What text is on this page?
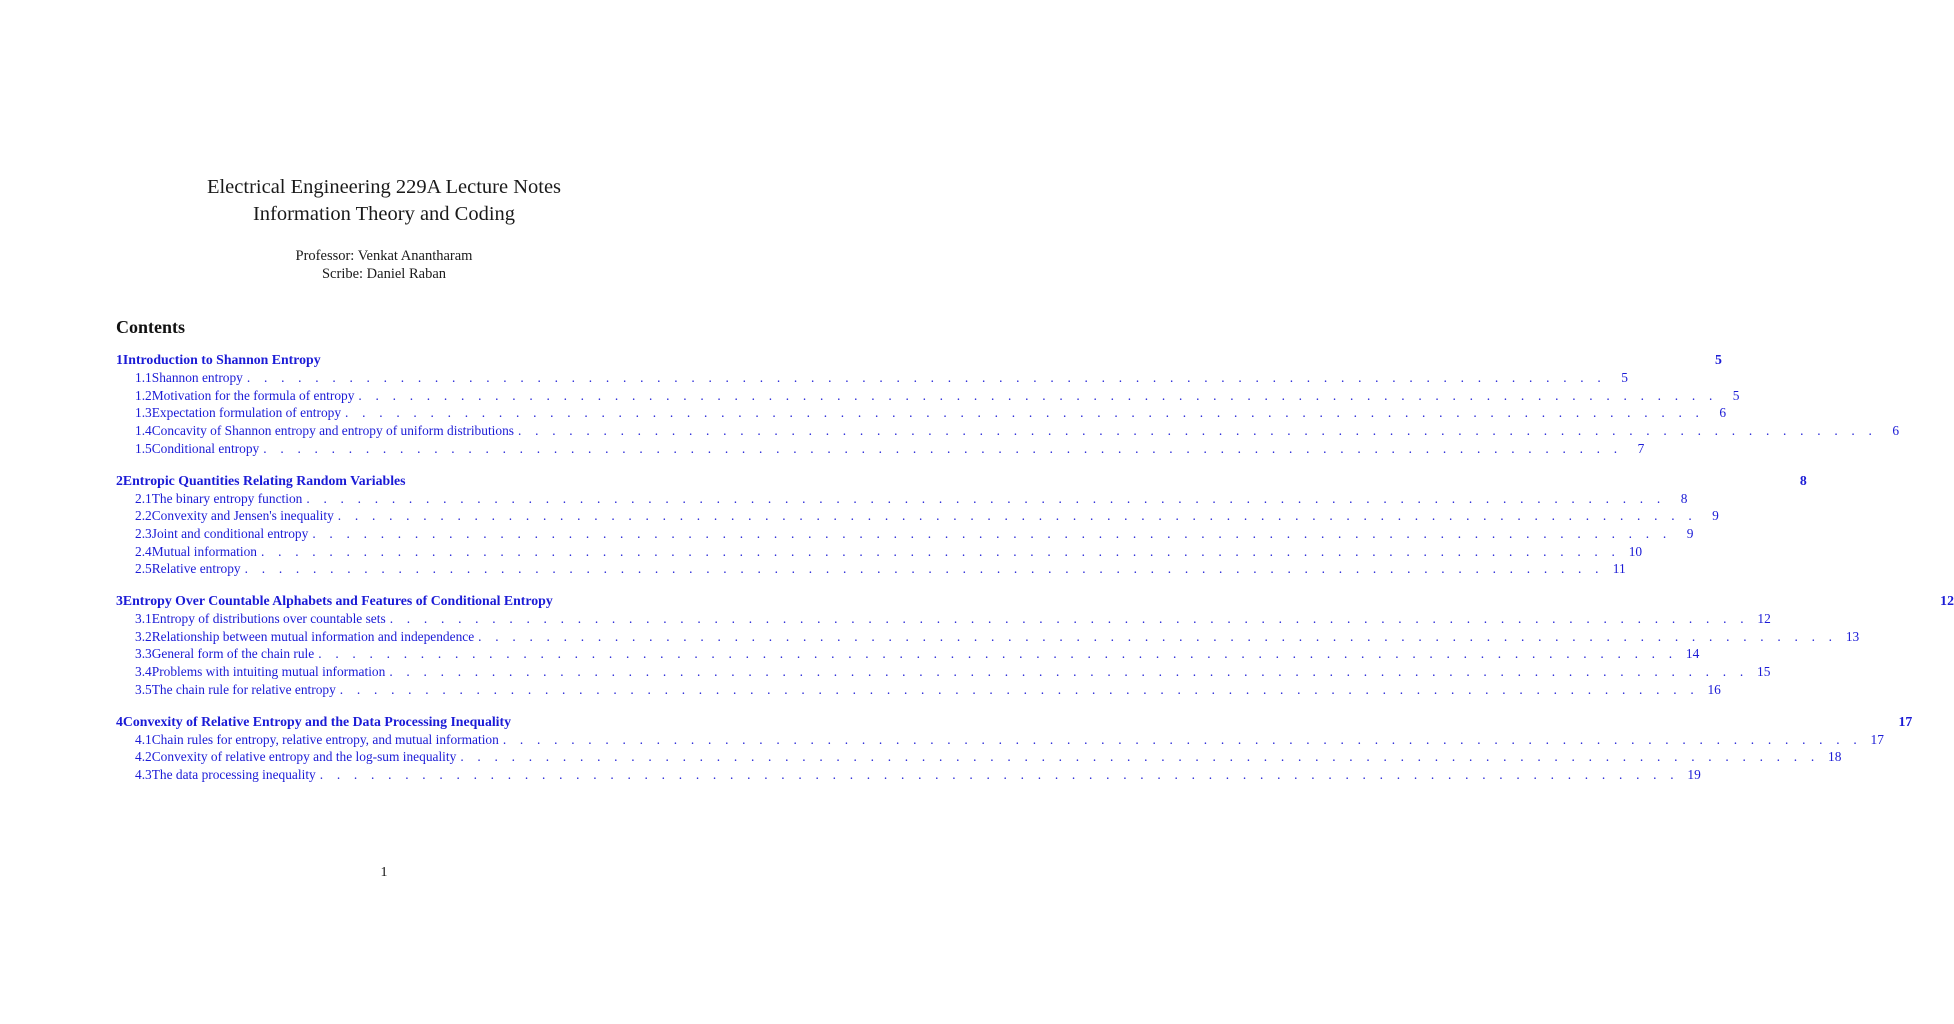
Electrical Engineering 229A Lecture Notes
Information Theory and Coding
Professor: Venkat Anantharam
Scribe: Daniel Raban
Contents
1 Introduction to Shannon Entropy	5
1.1 Shannon entropy . . . . . . . . . . . . . . . . . . . . . . . . . . . . . . . . . . . . . . . . . . . . . . . . . . . . . . . . . . . . . . . . . . . . . . . . . . . . . . . .	5
1.2 Motivation for the formula of entropy . . . . . . . . . . . . . . . . . . . . . . . . . . . . . . . . . . . . . . . . . . . . . . . . . . . . . . . . . . . . . . . . . . . . . . . . . . . . . . . .	5
1.3 Expectation formulation of entropy . . . . . . . . . . . . . . . . . . . . . . . . . . . . . . . . . . . . . . . . . . . . . . . . . . . . . . . . . . . . . . . . . . . . . . . . . . . . . . . .	6
1.4 Concavity of Shannon entropy and entropy of uniform distributions . . . . . . . . . . . . . . . . . . . . . . . . . . . . . . . . . . . . . . . . . . . . . . . . . . . . . . . . . . . . . . . . . . . . . . . . . . . . . . . .	6
1.5 Conditional entropy . . . . . . . . . . . . . . . . . . . . . . . . . . . . . . . . . . . . . . . . . . . . . . . . . . . . . . . . . . . . . . . . . . . . . . . . . . . . . . . .	7
2 Entropic Quantities Relating Random Variables	8
2.1 The binary entropy function . . . . . . . . . . . . . . . . . . . . . . . . . . . . . . . . . . . . . . . . . . . . . . . . . . . . . . . . . . . . . . . . . . . . . . . . . . . . . . . .	8
2.2 Convexity and Jensen's inequality . . . . . . . . . . . . . . . . . . . . . . . . . . . . . . . . . . . . . . . . . . . . . . . . . . . . . . . . . . . . . . . . . . . . . . . . . . . . . . . .	9
2.3 Joint and conditional entropy . . . . . . . . . . . . . . . . . . . . . . . . . . . . . . . . . . . . . . . . . . . . . . . . . . . . . . . . . . . . . . . . . . . . . . . . . . . . . . . .	9
2.4 Mutual information . . . . . . . . . . . . . . . . . . . . . . . . . . . . . . . . . . . . . . . . . . . . . . . . . . . . . . . . . . . . . . . . . . . . . . . . . . . . . . . . 10
2.5 Relative entropy . . . . . . . . . . . . . . . . . . . . . . . . . . . . . . . . . . . . . . . . . . . . . . . . . . . . . . . . . . . . . . . . . . . . . . . . . . . . . . . . 11
3 Entropy Over Countable Alphabets and Features of Conditional Entropy	12
3.1 Entropy of distributions over countable sets . . . . . . . . . . . . . . . . . . . . . . . . . . . . . . . . . . . . . . . . . . . . . . . . . . . . . . . . . . . . . . . . . . . . . . . . . . . . . . . . 12
3.2 Relationship between mutual information and independence . . . . . . . . . . . . . . . . . . . . . . . . . . . . . . . . . . . . . . . . . . . . . . . . . . . . . . . . . . . . . . . . . . . . . . . . . . . . . . . . 13
3.3 General form of the chain rule . . . . . . . . . . . . . . . . . . . . . . . . . . . . . . . . . . . . . . . . . . . . . . . . . . . . . . . . . . . . . . . . . . . . . . . . . . . . . . . . 14
3.4 Problems with intuiting mutual information . . . . . . . . . . . . . . . . . . . . . . . . . . . . . . . . . . . . . . . . . . . . . . . . . . . . . . . . . . . . . . . . . . . . . . . . . . . . . . . . 15
3.5 The chain rule for relative entropy . . . . . . . . . . . . . . . . . . . . . . . . . . . . . . . . . . . . . . . . . . . . . . . . . . . . . . . . . . . . . . . . . . . . . . . . . . . . . . . . 16
4 Convexity of Relative Entropy and the Data Processing Inequality	17
4.1 Chain rules for entropy, relative entropy, and mutual information . . . . . . . . . . . . . . . . . . . . . . . . . . . . . . . . . . . . . . . . . . . . . . . . . . . . . . . . . . . . . . . . . . . . . . . . . . . . . . . . 17
4.2 Convexity of relative entropy and the log-sum inequality . . . . . . . . . . . . . . . . . . . . . . . . . . . . . . . . . . . . . . . . . . . . . . . . . . . . . . . . . . . . . . . . . . . . . . . . . . . . . . . . 18
4.3 The data processing inequality . . . . . . . . . . . . . . . . . . . . . . . . . . . . . . . . . . . . . . . . . . . . . . . . . . . . . . . . . . . . . . . . . . . . . . . . . . . . . . . . 19
1
